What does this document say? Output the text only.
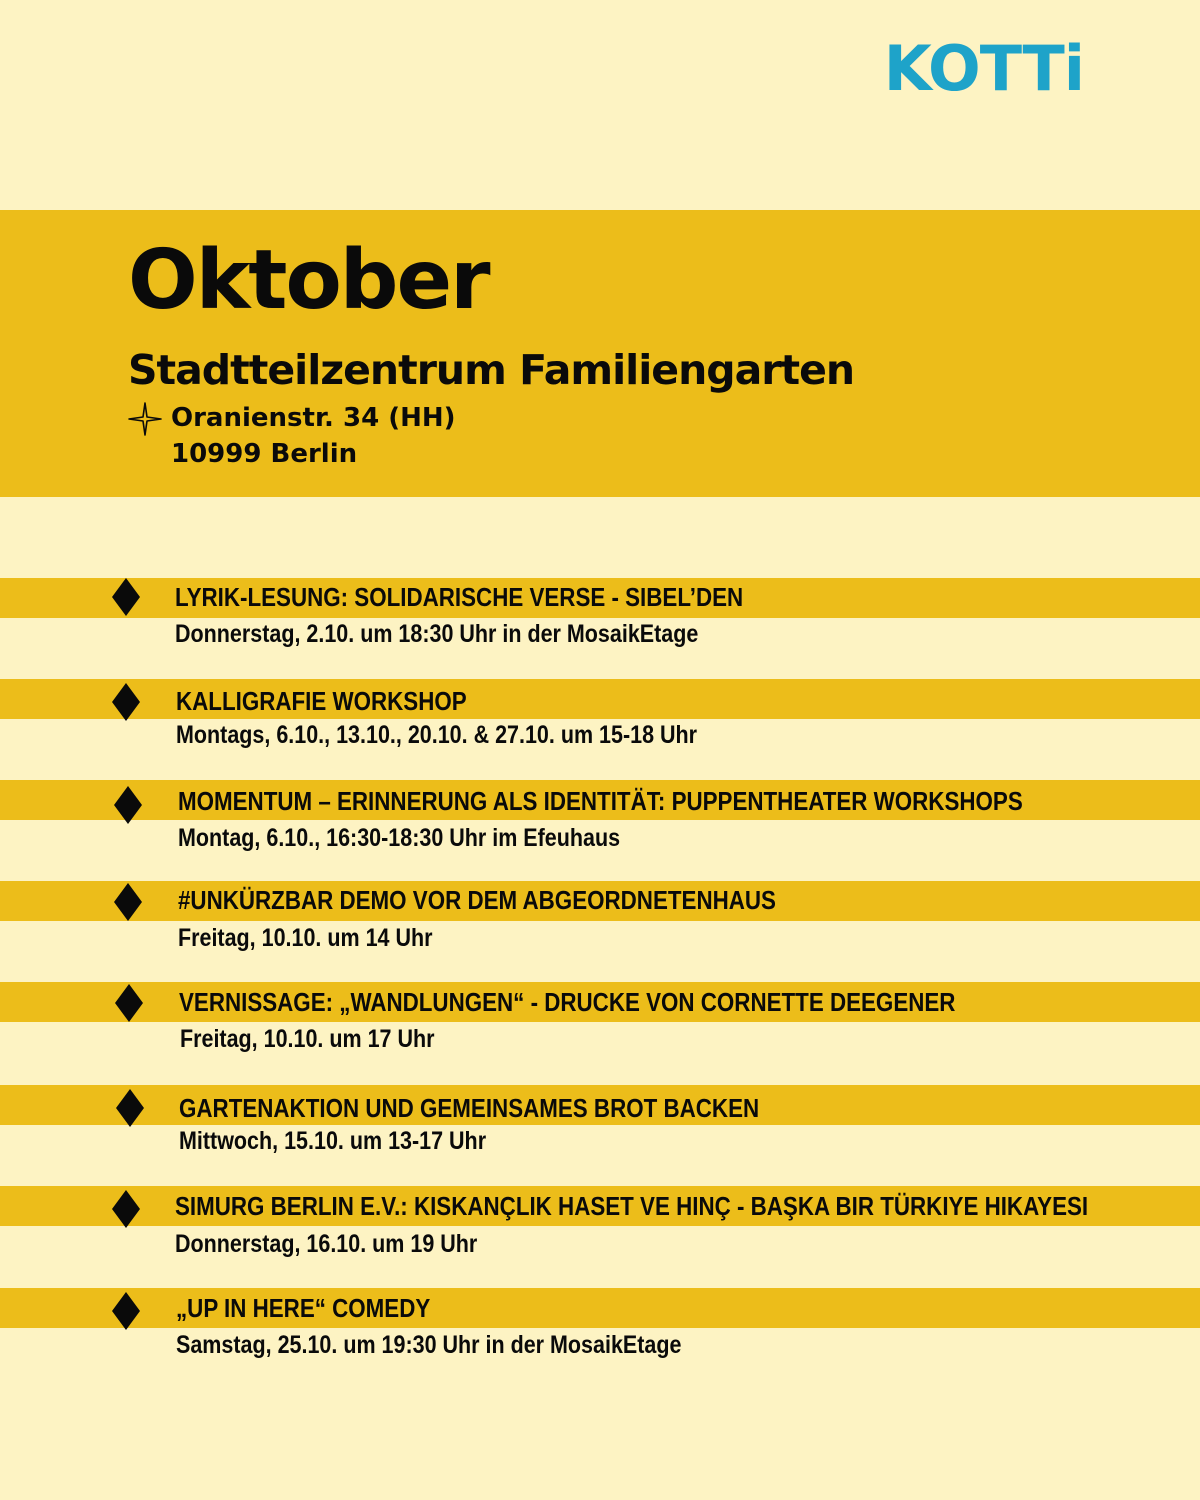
KOTTi
Oktober
Stadtteilzentrum Familiengarten
Oranienstr. 34 (HH)
10999 Berlin
LYRIK-LESUNG: SOLIDARISCHE VERSE - SIBEL’DEN
Donnerstag, 2.10. um 18:30 Uhr in der MosaikEtage
KALLIGRAFIE WORKSHOP
Montags, 6.10., 13.10., 20.10. & 27.10. um 15-18 Uhr
MOMENTUM – ERINNERUNG ALS IDENTITÄT: PUPPENTHEATER WORKSHOPS
Montag, 6.10., 16:30-18:30 Uhr im Efeuhaus
#UNKÜRZBAR DEMO VOR DEM ABGEORDNETENHAUS
Freitag, 10.10. um 14 Uhr
VERNISSAGE: „WANDLUNGEN“ - DRUCKE VON CORNETTE DEEGENER
Freitag, 10.10. um 17 Uhr
GARTENAKTION UND GEMEINSAMES BROT BACKEN
Mittwoch, 15.10. um 13-17 Uhr
SIMURG BERLIN E.V.: KISKANÇLIK HASET VE HINÇ - BAŞKA BIR TÜRKIYE HIKAYESI
Donnerstag, 16.10. um 19 Uhr
„UP IN HERE“ COMEDY
Samstag, 25.10. um 19:30 Uhr in der MosaikEtage
